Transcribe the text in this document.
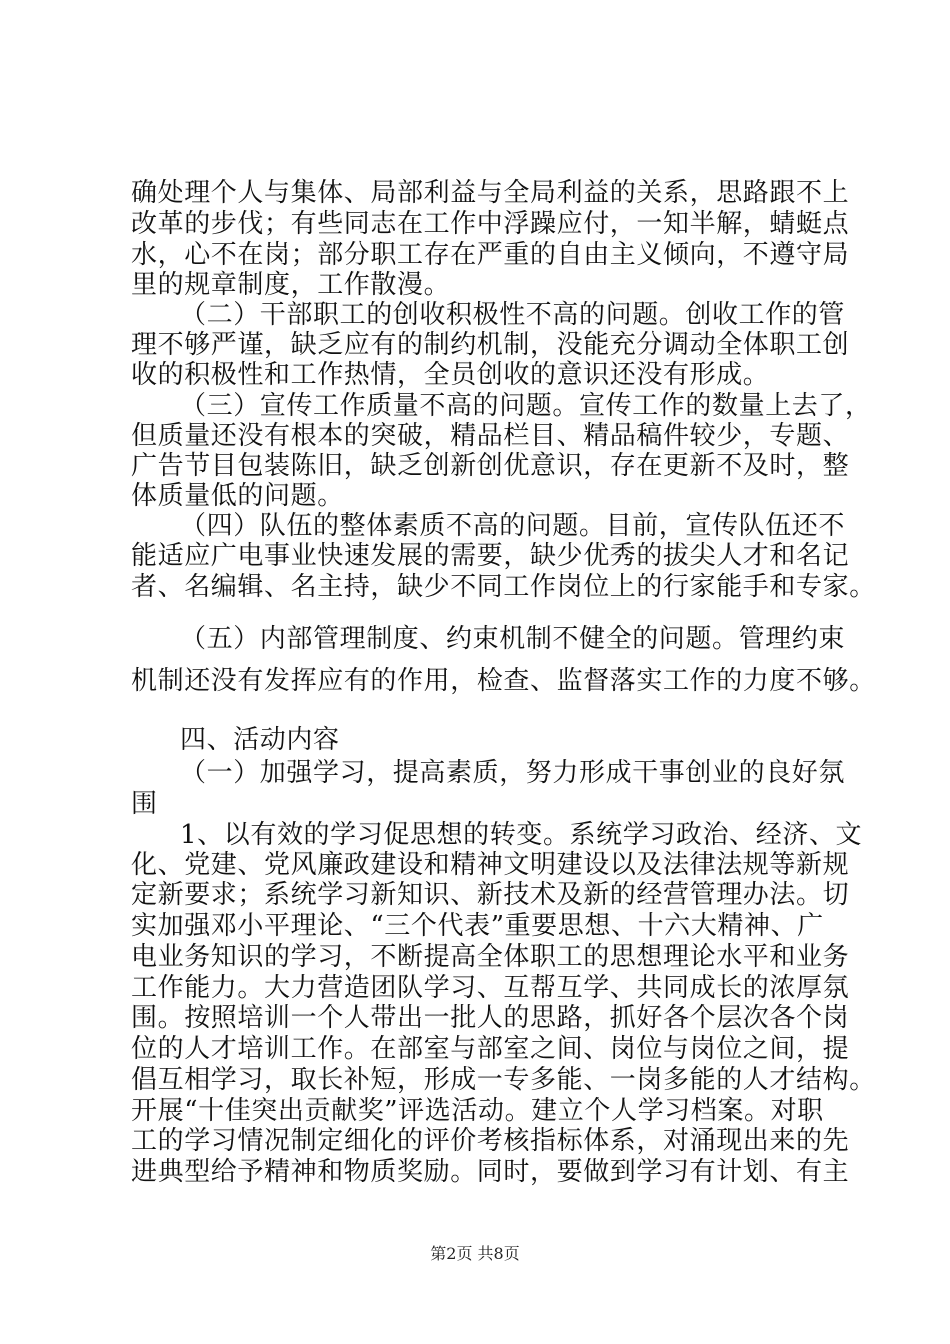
确处理个人与集体、局部利益与全局利益的关系，思路跟不上
改革的步伐；有些同志在工作中浮躁应付，一知半解，蜻蜓点
水，心不在岗；部分职工存在严重的自由主义倾向，不遵守局
里的规章制度，工作散漫。
（二）干部职工的创收积极性不高的问题。创收工作的管
理不够严谨，缺乏应有的制约机制，没能充分调动全体职工创
收的积极性和工作热情，全员创收的意识还没有形成。
（三）宣传工作质量不高的问题。宣传工作的数量上去了，
但质量还没有根本的突破，精品栏目、精品稿件较少，专题、
广告节目包装陈旧，缺乏创新创优意识，存在更新不及时，整
体质量低的问题。
（四）队伍的整体素质不高的问题。目前，宣传队伍还不
能适应广电事业快速发展的需要，缺少优秀的拔尖人才和名记
者、名编辑、名主持，缺少不同工作岗位上的行家能手和专家。
（五）内部管理制度、约束机制不健全的问题。管理约束
机制还没有发挥应有的作用，检查、监督落实工作的力度不够。
四、活动内容
（一）加强学习，提高素质，努力形成干事创业的良好氛
围
1、以有效的学习促思想的转变。系统学习政治、经济、文
化、党建、党风廉政建设和精神文明建设以及法律法规等新规
定新要求；系统学习新知识、新技术及新的经营管理办法。切
实加强邓小平理论、“三个代表”重要思想、十六大精神、广
电业务知识的学习，不断提高全体职工的思想理论水平和业务
工作能力。大力营造团队学习、互帮互学、共同成长的浓厚氛
围。按照培训一个人带出一批人的思路，抓好各个层次各个岗
位的人才培训工作。在部室与部室之间、岗位与岗位之间，提
倡互相学习，取长补短，形成一专多能、一岗多能的人才结构。
开展“十佳突出贡献奖”评选活动。建立个人学习档案。对职
工的学习情况制定细化的评价考核指标体系，对涌现出来的先
进典型给予精神和物质奖励。同时，要做到学习有计划、有主
第2页 共8页
